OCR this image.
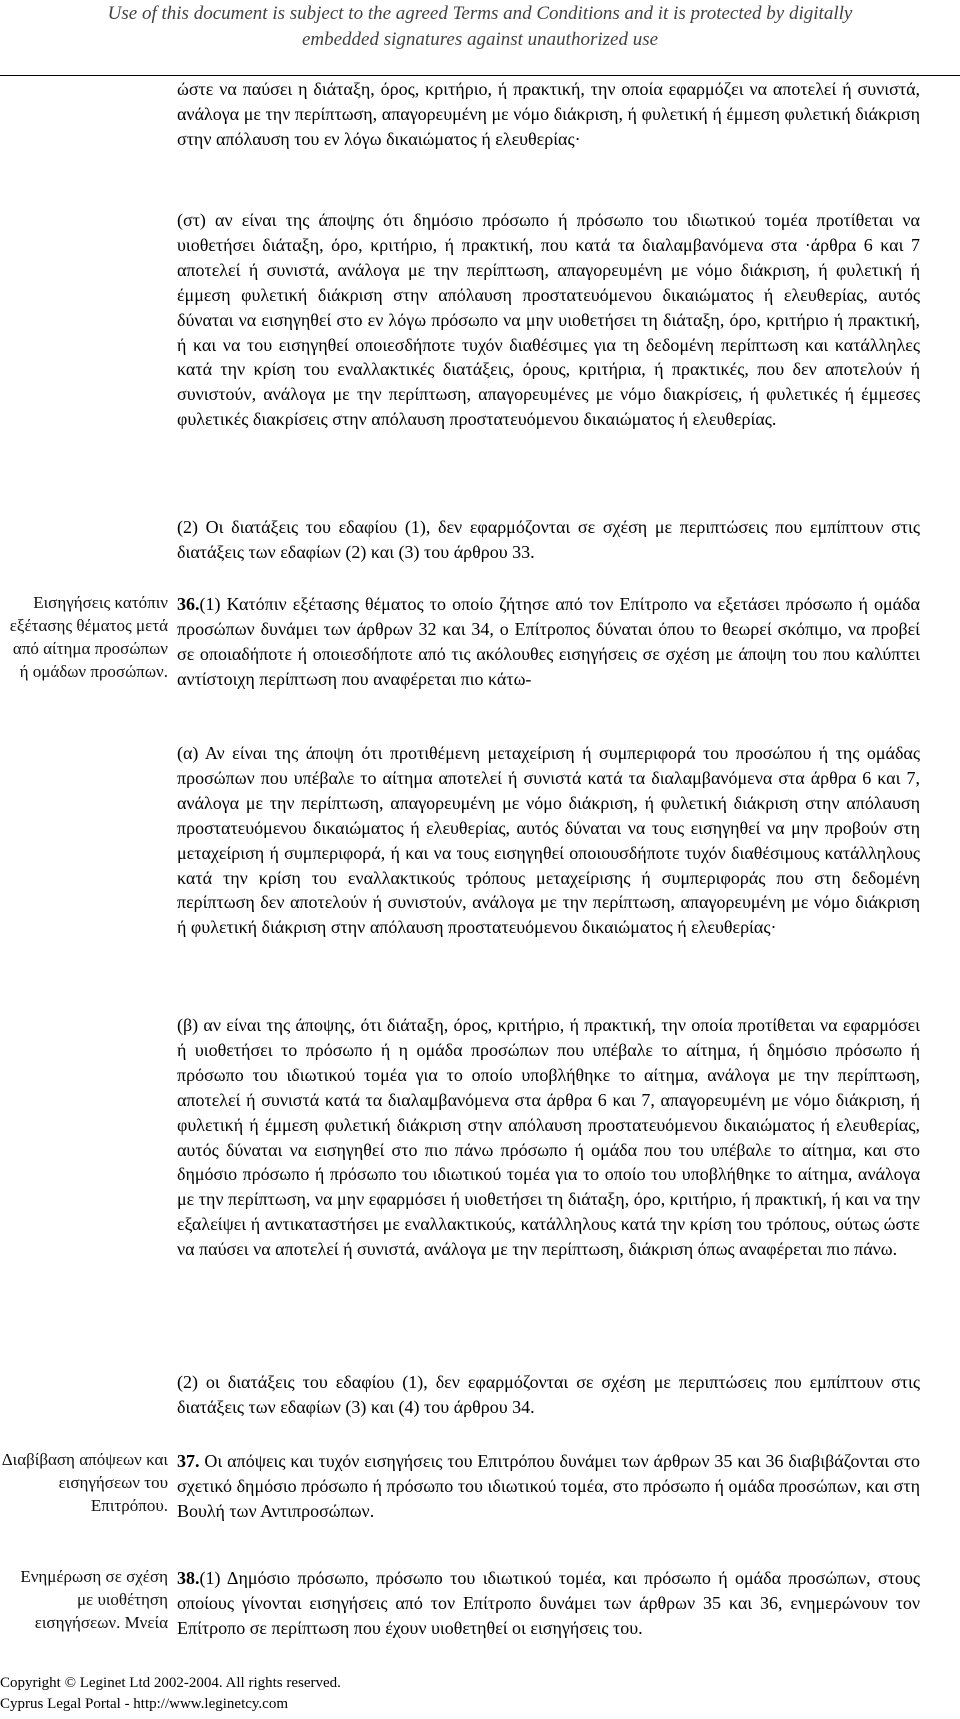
Use of this document is subject to the agreed Terms and Conditions and it is protected by digitally
embedded signatures against unauthorized use
ώστε να παύσει η διάταξη, όρος, κριτήριο, ή πρακτική, την οποία εφαρμόζει να αποτελεί ή συνιστά, ανάλογα με την περίπτωση, απαγορευμένη με νόμο διάκριση, ή φυλετική ή έμμεση φυλετική διάκριση στην απόλαυση του εν λόγω δικαιώματος ή ελευθερίας·
(στ) αν είναι της άποψης ότι δημόσιο πρόσωπο ή πρόσωπο του ιδιωτικού τομέα προτίθεται να υιοθετήσει διάταξη, όρο, κριτήριο, ή πρακτική, που κατά τα διαλαμβανόμενα στα ·άρθρα 6 και 7 αποτελεί ή συνιστά, ανάλογα με την περίπτωση, απαγορευμένη με νόμο διάκριση, ή φυλετική ή έμμεση φυλετική διάκριση στην απόλαυση προστατευόμενου δικαιώματος ή ελευθερίας, αυτός δύναται να εισηγηθεί στο εν λόγω πρόσωπο να μην υιοθετήσει τη διάταξη, όρο, κριτήριο ή πρακτική, ή και να του εισηγηθεί οποιεσδήποτε τυχόν διαθέσιμες για τη δεδομένη περίπτωση και κατάλληλες κατά την κρίση του εναλλακτικές διατάξεις, όρους, κριτήρια, ή πρακτικές, που δεν αποτελούν ή συνιστούν, ανάλογα με την περίπτωση, απαγορευμένες με νόμο διακρίσεις, ή φυλετικές ή έμμεσες φυλετικές διακρίσεις στην απόλαυση προστατευόμενου δικαιώματος ή ελευθερίας.
(2) Οι διατάξεις του εδαφίου (1), δεν εφαρμόζονται σε σχέση με περιπτώσεις που εμπίπτουν στις διατάξεις των εδαφίων (2) και (3) του άρθρου 33.
Εισηγήσεις κατόπιν εξέτασης θέματος μετά από αίτημα προσώπων ή ομάδων προσώπων.
36.(1) Κατόπιν εξέτασης θέματος το οποίο ζήτησε από τον Επίτροπο να εξετάσει πρόσωπο ή ομάδα προσώπων δυνάμει των άρθρων 32 και 34, ο Επίτροπος δύναται όπου το θεωρεί σκόπιμο, να προβεί σε οποιαδήποτε ή οποιεσδήποτε από τις ακόλουθες εισηγήσεις σε σχέση με άποψη του που καλύπτει αντίστοιχη περίπτωση που αναφέρεται πιο κάτω-
(α) Αν είναι της άποψη ότι προτιθέμενη μεταχείριση ή συμπεριφορά του προσώπου ή της ομάδας προσώπων που υπέβαλε το αίτημα αποτελεί ή συνιστά κατά τα διαλαμβανόμενα στα άρθρα 6 και 7, ανάλογα με την περίπτωση, απαγορευμένη με νόμο διάκριση, ή φυλετική διάκριση στην απόλαυση προστατευόμενου δικαιώματος ή ελευθερίας, αυτός δύναται να τους εισηγηθεί να μην προβούν στη μεταχείριση ή συμπεριφορά, ή και να τους εισηγηθεί οποιουσδήποτε τυχόν διαθέσιμους κατάλληλους κατά την κρίση του εναλλακτικούς τρόπους μεταχείρισης ή συμπεριφοράς που στη δεδομένη περίπτωση δεν αποτελούν ή συνιστούν, ανάλογα με την περίπτωση, απαγορευμένη με νόμο διάκριση ή φυλετική διάκριση στην απόλαυση προστατευόμενου δικαιώματος ή ελευθερίας·
(β) αν είναι της άποψης, ότι διάταξη, όρος, κριτήριο, ή πρακτική, την οποία προτίθεται να εφαρμόσει ή υιοθετήσει το πρόσωπο ή η ομάδα προσώπων που υπέβαλε το αίτημα, ή δημόσιο πρόσωπο ή πρόσωπο του ιδιωτικού τομέα για το οποίο υποβλήθηκε το αίτημα, ανάλογα με την περίπτωση, αποτελεί ή συνιστά κατά τα διαλαμβανόμενα στα άρθρα 6 και 7, απαγορευμένη με νόμο διάκριση, ή φυλετική ή έμμεση φυλετική διάκριση στην απόλαυση προστατευόμενου δικαιώματος ή ελευθερίας, αυτός δύναται να εισηγηθεί στο πιο πάνω πρόσωπο ή ομάδα που του υπέβαλε το αίτημα, και στο δημόσιο πρόσωπο ή πρόσωπο του ιδιωτικού τομέα για το οποίο του υποβλήθηκε το αίτημα, ανάλογα με την περίπτωση, να μην εφαρμόσει ή υιοθετήσει τη διάταξη, όρο, κριτήριο, ή πρακτική, ή και να την εξαλείψει ή αντικαταστήσει με εναλλακτικούς, κατάλληλους κατά την κρίση του τρόπους, ούτως ώστε να παύσει να αποτελεί ή συνιστά, ανάλογα με την περίπτωση, διάκριση όπως αναφέρεται πιο πάνω.
(2) οι διατάξεις του εδαφίου (1), δεν εφαρμόζονται σε σχέση με περιπτώσεις που εμπίπτουν στις διατάξεις των εδαφίων (3) και (4) του άρθρου 34.
Διαβίβαση απόψεων και εισηγήσεων του Επιτρόπου.
37. Οι απόψεις και τυχόν εισηγήσεις του Επιτρόπου δυνάμει των άρθρων 35 και 36 διαβιβάζονται στο σχετικό δημόσιο πρόσωπο ή πρόσωπο του ιδιωτικού τομέα, στο πρόσωπο ή ομάδα προσώπων, και στη Βουλή των Αντιπροσώπων.
Ενημέρωση σε σχέση με υιοθέτηση εισηγήσεων. Μνεία
38.(1) Δημόσιο πρόσωπο, πρόσωπο του ιδιωτικού τομέα, και πρόσωπο ή ομάδα προσώπων, στους οποίους γίνονται εισηγήσεις από τον Επίτροπο δυνάμει των άρθρων 35 και 36, ενημερώνουν τον Επίτροπο σε περίπτωση που έχουν υιοθετηθεί οι εισηγήσεις του.
Copyright © Leginet Ltd 2002-2004. All rights reserved.
Cyprus Legal Portal - http://www.leginetcy.com
